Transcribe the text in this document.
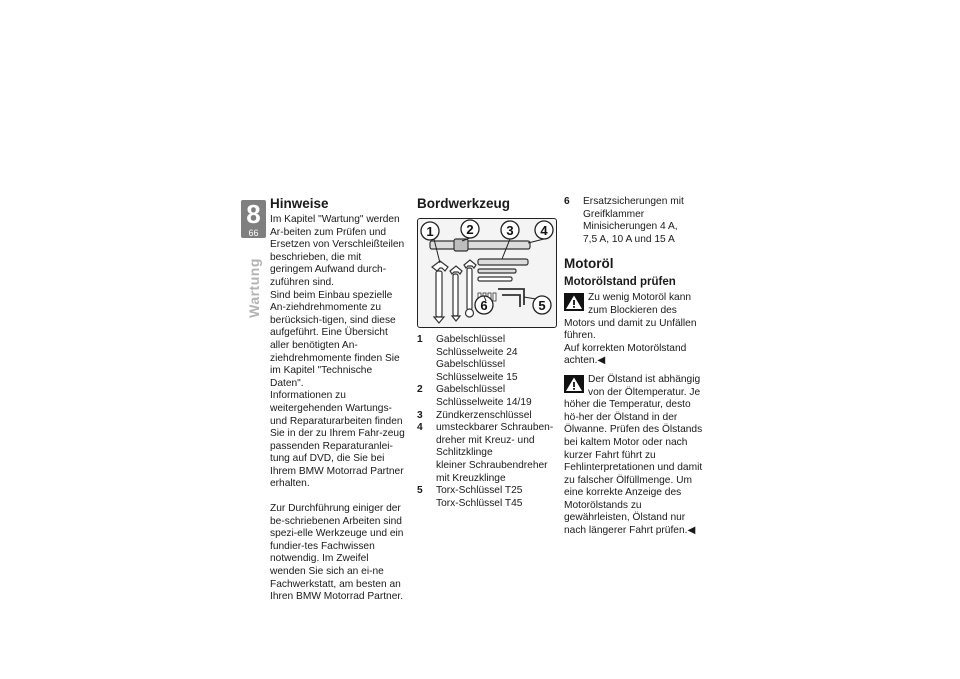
8
66
Wartung
Hinweise

Im Kapitel "Wartung" werden Ar-beiten zum Prüfen und Ersetzen von Verschleißteilen beschrieben, die mit geringem Aufwand durch-zuführen sind.

Sind beim Einbau spezielle An-ziehdrehmomente zu berücksich-tigen, sind diese aufgeführt. Eine Übersicht aller benötigten An-ziehdrehmomente finden Sie im Kapitel "Technische Daten".

Informationen zu weitergehenden Wartungs- und Reparaturarbeiten finden Sie in der zu Ihrem Fahr-zeug passenden Reparaturanlei-tung auf DVD, die Sie bei Ihrem BMW Motorrad Partner erhalten.

Zur Durchführung einiger der be-schriebenen Arbeiten sind spezi-elle Werkzeuge und ein fundier-tes Fachwissen notwendig. Im Zweifel wenden Sie sich an ei-ne Fachwerkstatt, am besten an Ihren BMW Motorrad Partner.

Bordwerkzeug
1	2	3 4
5
6
1	Gabelschlüssel
Schlüsselweite 24
Gabelschlüssel
Schlüsselweite 15
2	Gabelschlüssel
Schlüsselweite 14/19
3	Zündkerzenschlüssel
4	umsteckbarer Schrauben-
dreher mit Kreuz- und
Schlitzklinge
kleiner Schraubendreher
mit Kreuzklinge
5	Torx-Schlüssel T25
Torx-Schlüssel T45
6	Ersatzsicherungen mit
Greifklammer
Minisicherungen 4 A,
7,5 A, 10 A und 15 A
Motoröl
Motorölstand prüfen

Zu wenig Motoröl kann zum Blockieren des Motors und damit zu Unfällen führen.

Auf korrekten Motorölstand achten.◀

Der Ölstand ist abhängig von der Öltemperatur. Je höher die Temperatur, desto hö-her der Ölstand in der Ölwanne. Prüfen des Ölstands bei kaltem Motor oder nach kurzer Fahrt führt zu Fehlinterpretationen und damit zu falscher Ölfüllmenge. Um eine korrekte Anzeige des Motorölstands zu gewährleisten, Ölstand nur nach längerer Fahrt prüfen.◀
